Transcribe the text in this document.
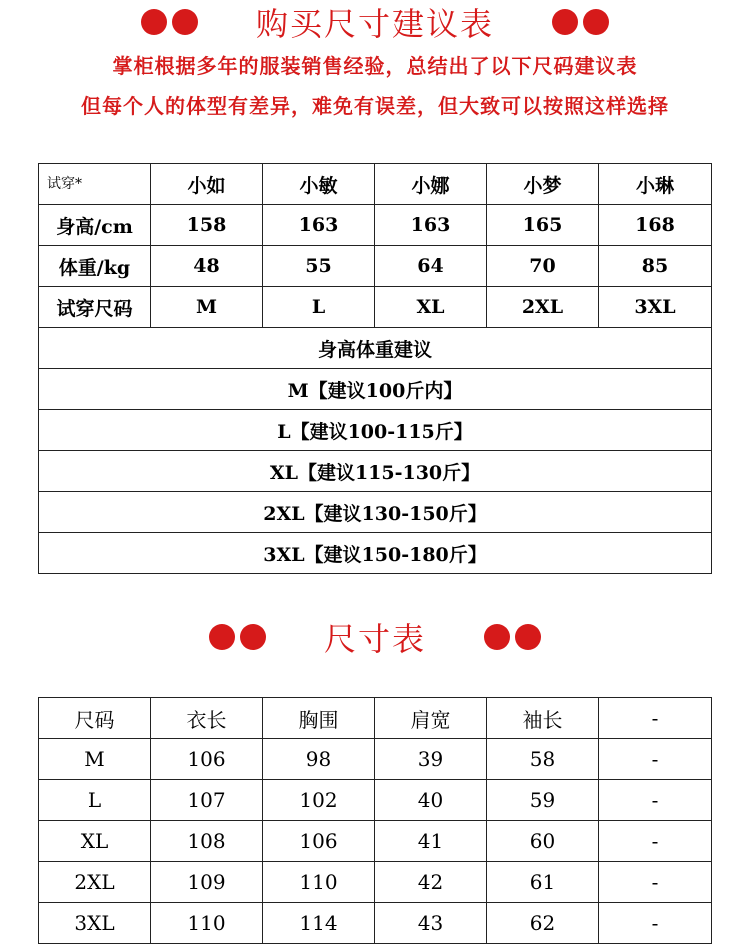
购买尺寸建议表
掌柜根据多年的服装销售经验，总结出了以下尺码建议表
但每个人的体型有差异，难免有误差，但大致可以按照这样选择
试穿*	小如	小敏	小娜	小梦	小琳
身高/cm	158	163	163	165	168
体重/kg	48	55	64	70	85
试穿尺码	M	L	XL	2XL	3XL
身高体重建议					
M【建议100斤内】					
L【建议100-115斤】					
XL【建议115-130斤】					
2XL【建议130-150斤】					
3XL【建议150-180斤】					
尺寸表
尺码	衣长	胸围	肩宽	袖长	-
M	106	98	39	58	-
L	107	102	40	59	-
XL	108	106	41	60	-
2XL	109	110	42	61	-
3XL	110	114	43	62	-
